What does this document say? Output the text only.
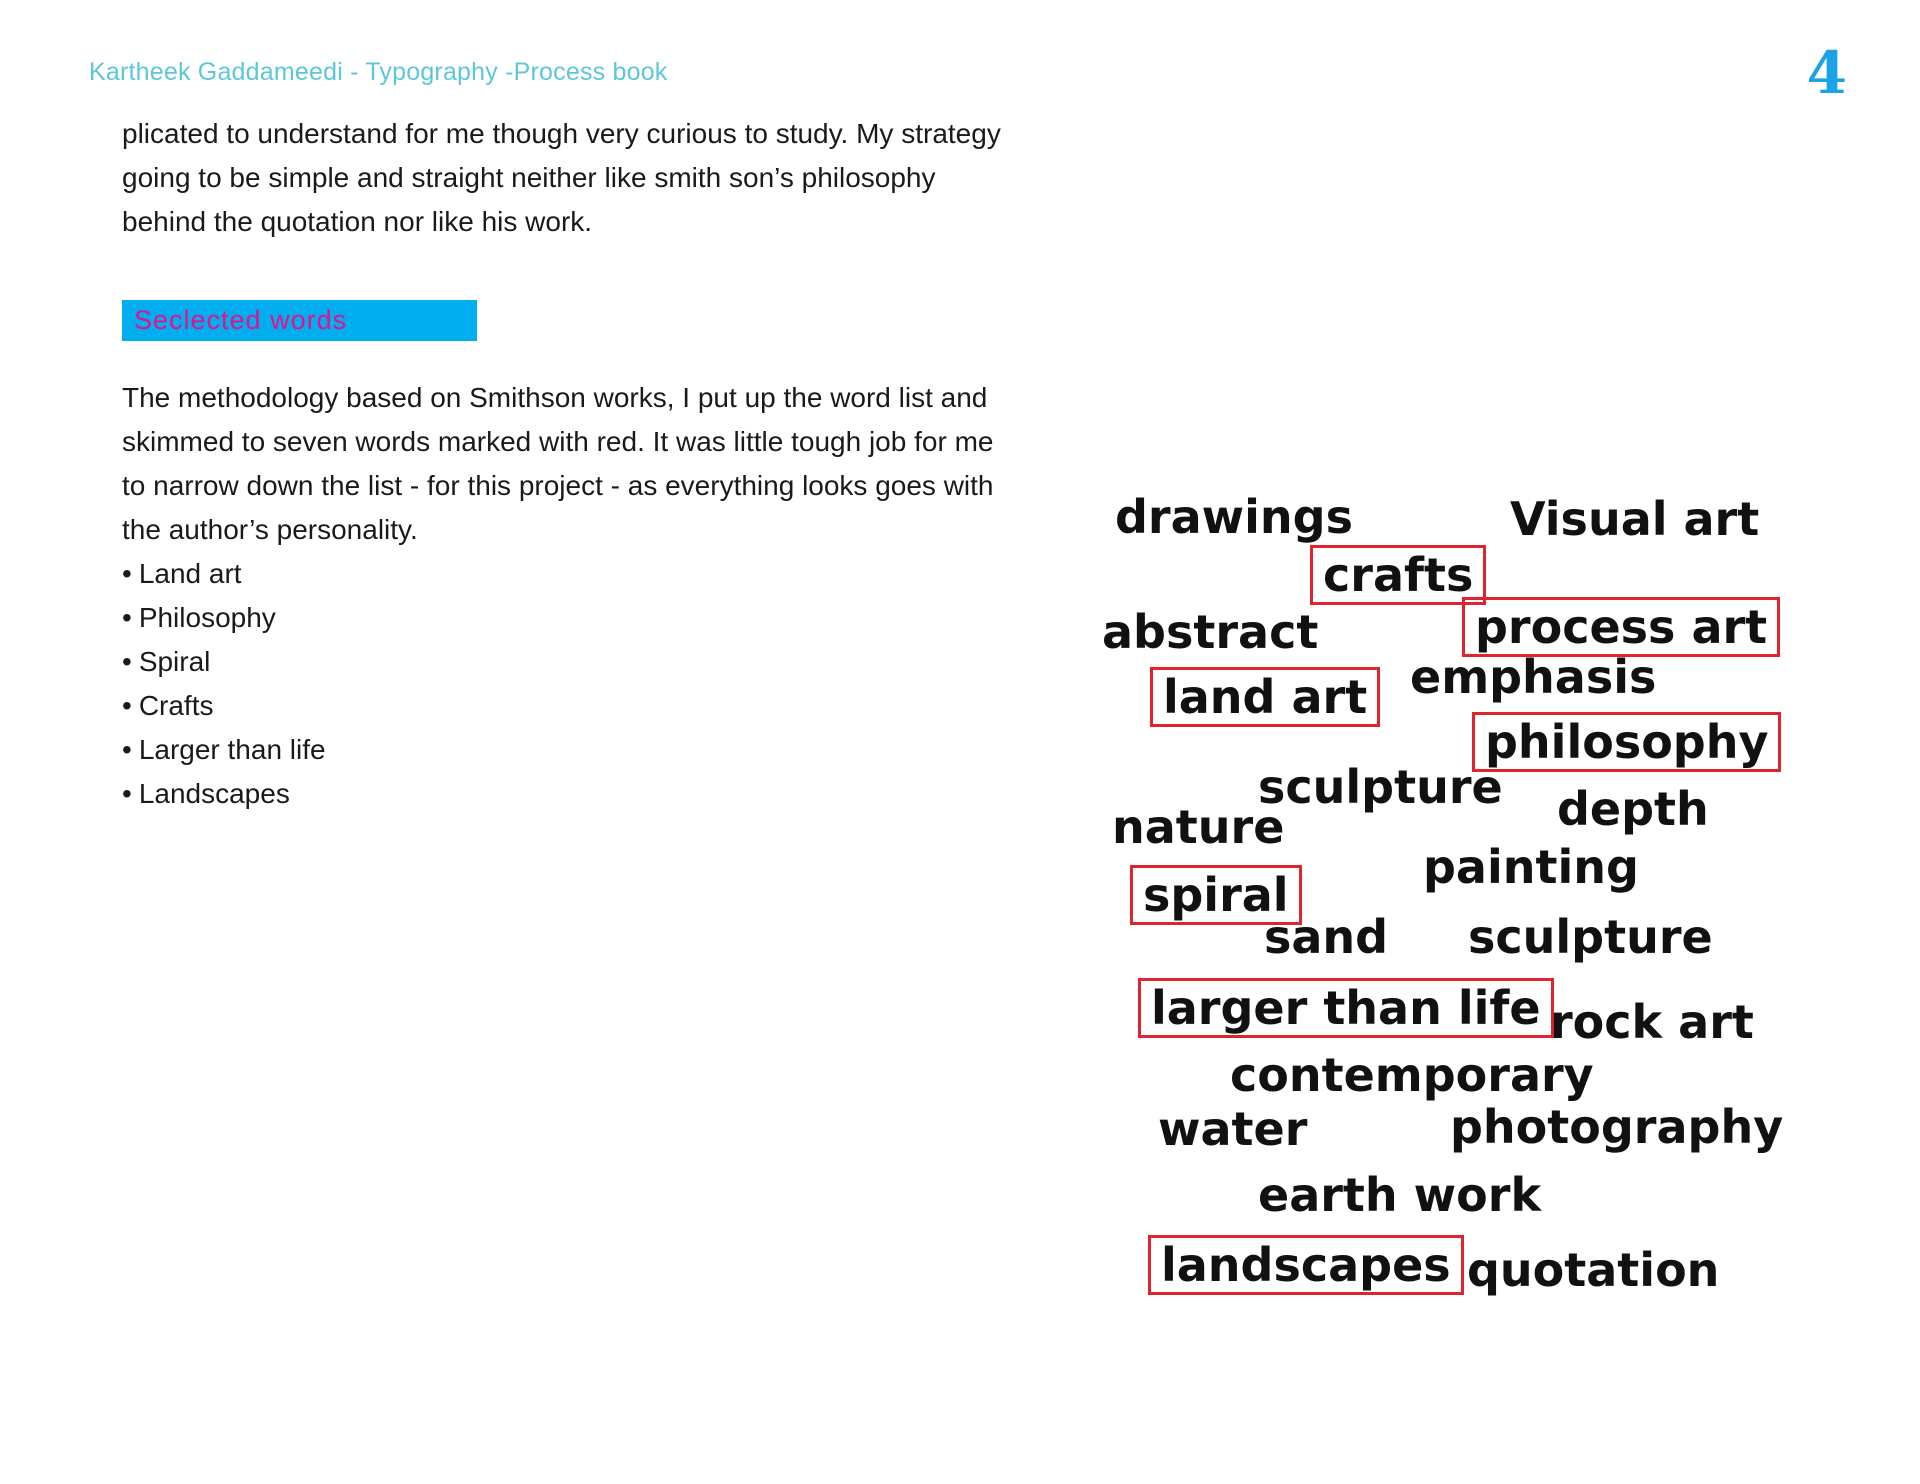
Kartheek Gaddameedi - Typography -Process book	4

plicated to understand for me though very curious to study. My strategy going to be simple and straight neither like smith son’s philosophy behind the quotation nor like his work.

Seclected words

The methodology based on Smithson works, I put up the word list and skimmed to seven words marked with red. It was little tough job for me to narrow down the list - for this project - as everything looks goes with the author’s personality.

• Land art
• Philosophy
• Spiral
• Crafts
• Larger than life
• Landscapes
drawings	Visual art
crafts
abstract	process art
land art emphasis
philosophy
sculpture
nature	depth
painting
spiral
sand sculpture
larger than life rock art
contemporary
water	photography
earth work
landscapes quotation
